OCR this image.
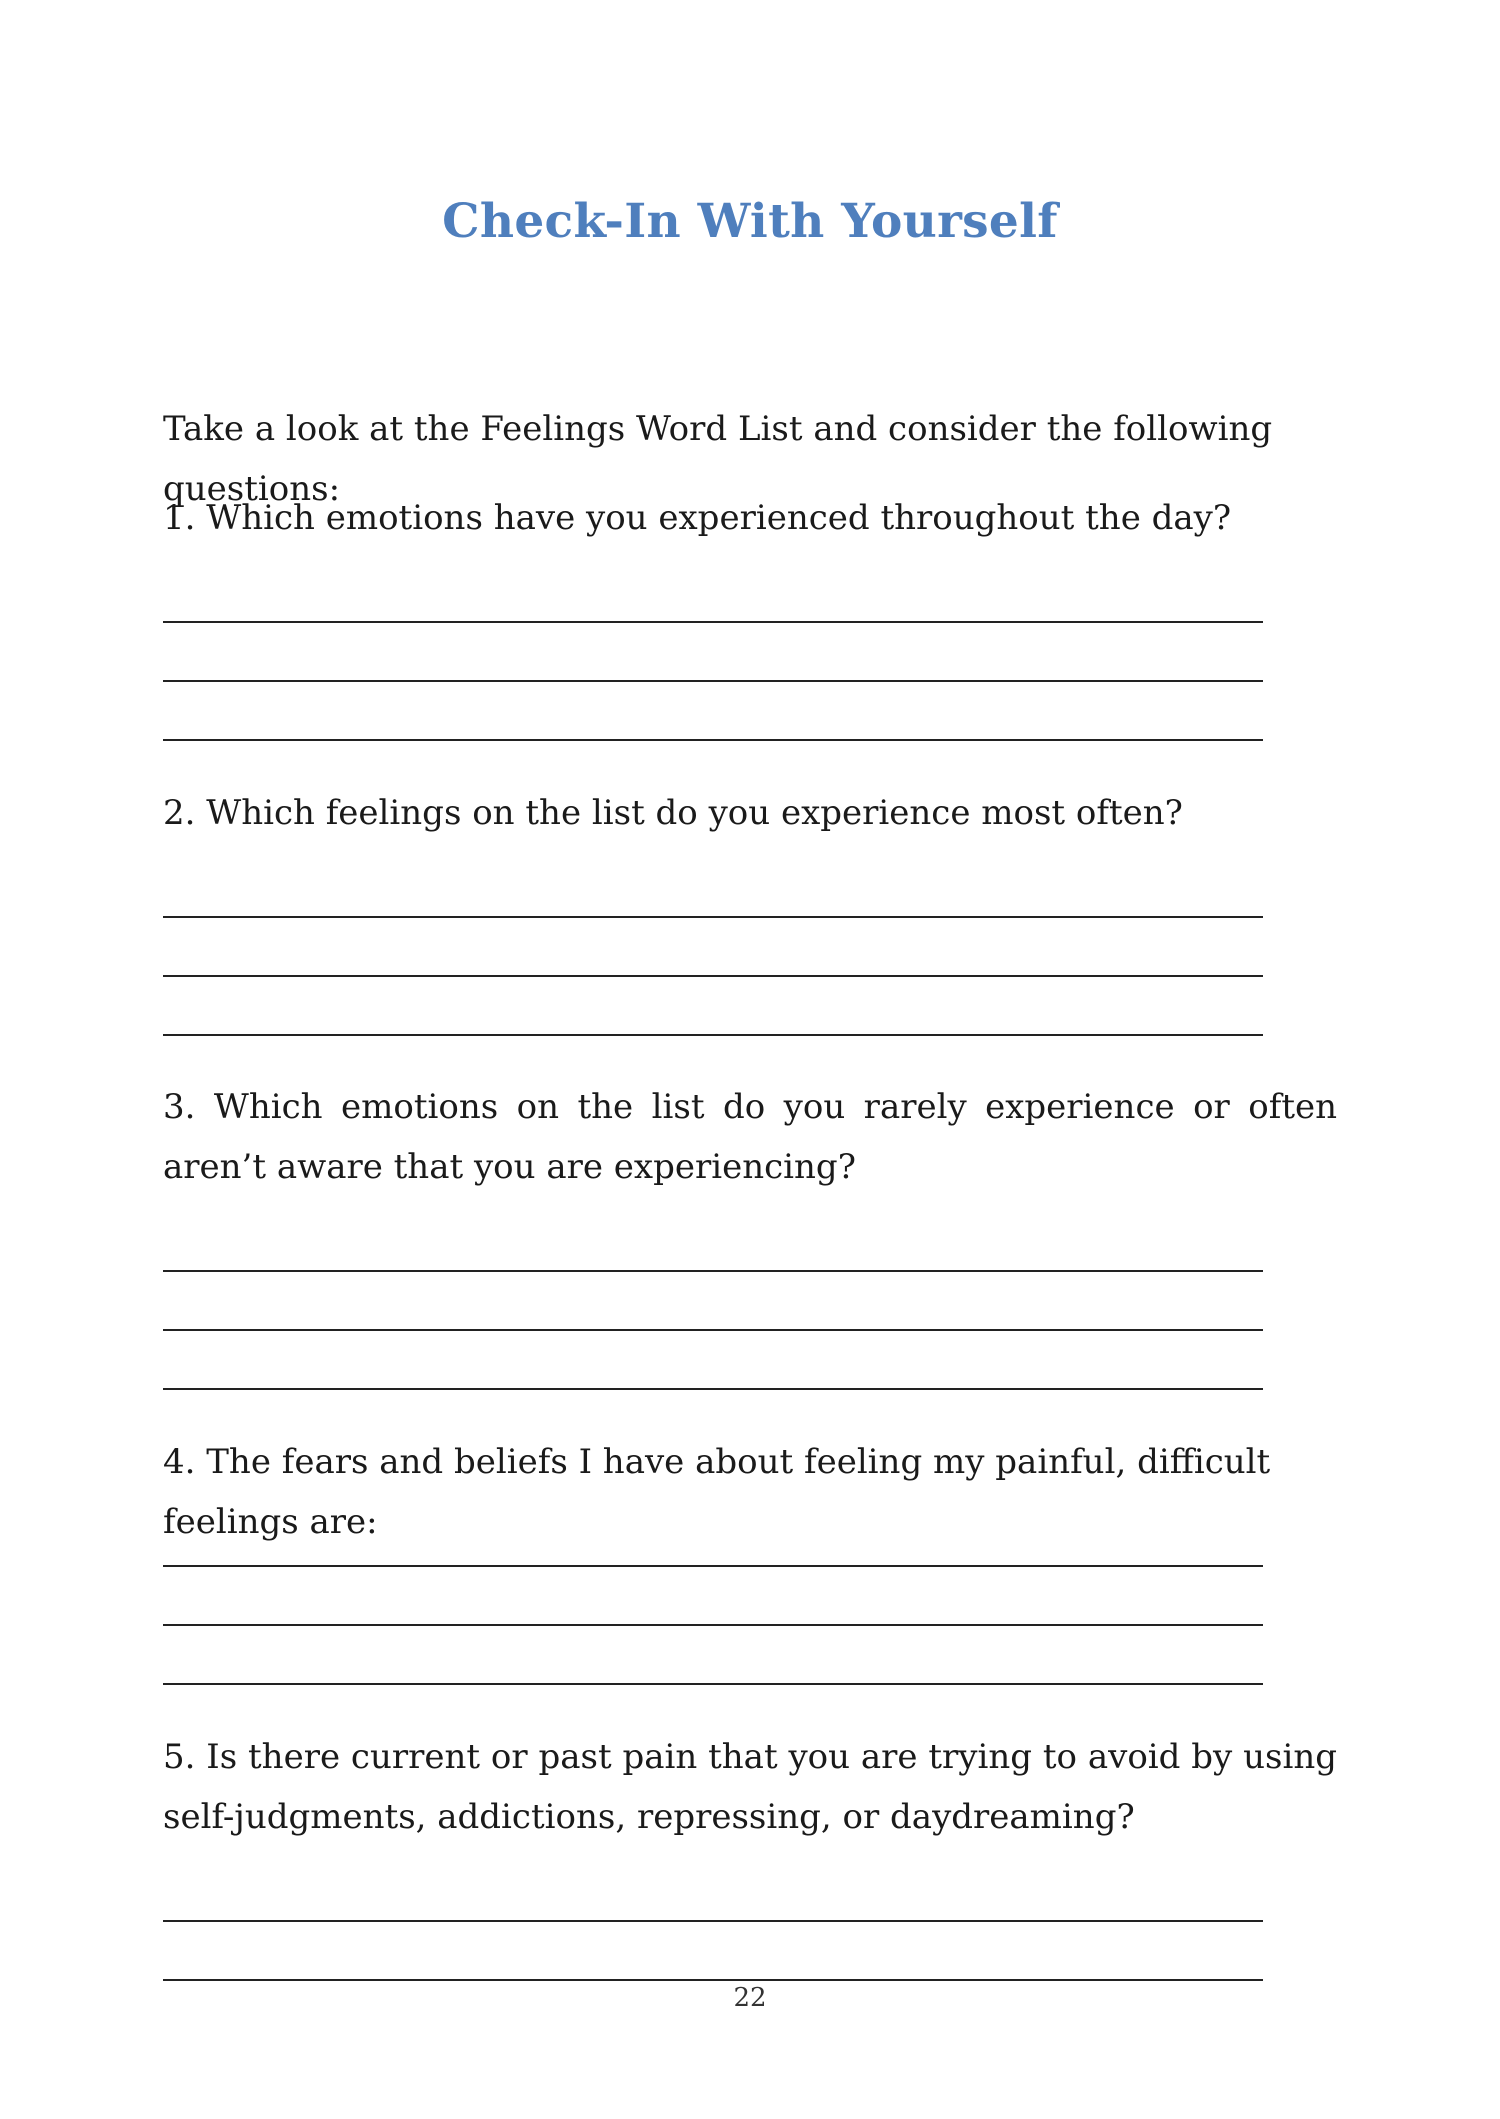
Check-In With Yourself

Take a look at the Feelings Word List and consider the following questions:

1. Which emotions have you experienced throughout the day?

2. Which feelings on the list do you experience most often?

3. Which emotions on the list do you rarely experience or often aren’t aware that you are experiencing?

4. The fears and beliefs I have about feeling my painful, difficult feelings are:

5. Is there current or past pain that you are trying to avoid by using self-judgments, addictions, repressing, or daydreaming?

22
